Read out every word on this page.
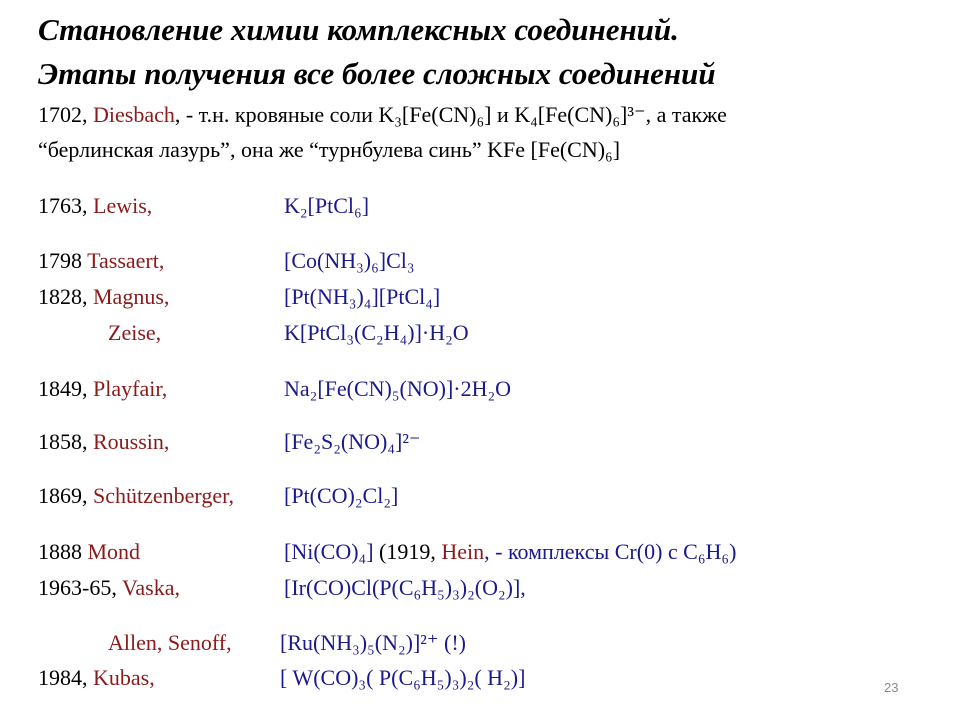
Становление химии комплексных соединений.
Этапы получения все более сложных соединений
1702, Diesbach, - т.н. кровяные соли K₃[Fe(CN)₆] и K₄[Fe(CN)₆]³⁻, а также
“берлинская лазурь”, она же “турнбулева синь” KFe [Fe(CN)₆]
1763, Lewis,	K₂[PtCl₆]
1798 Tassaert,	[Co(NH₃)₆]Cl₃
1828, Magnus,	[Pt(NH₃)₄][PtCl₄]
Zeise,	K[PtCl₃(C₂H₄)]·H₂O
1849, Playfair,	Na₂[Fe(CN)₅(NO)]·2H₂O
1858, Roussin,	[Fe₂S₂(NO)₄]²⁻
1869, Schützenberger, [Pt(CO)₂Cl₂]
1888 Mond	[Ni(CO)₄] (1919, Hein, - комплексы Cr(0) с C₆H₆)
1963-65, Vaska,	[Ir(CO)Cl(P(C₆H₅)₃)₂(O₂)],
Allen, Senoff, [Ru(NH₃)₅(N₂)]²⁺ (!)
1984, Kubas,	[ W(CO)₃( P(C₆H₅)₃)₂( H₂)]	23
